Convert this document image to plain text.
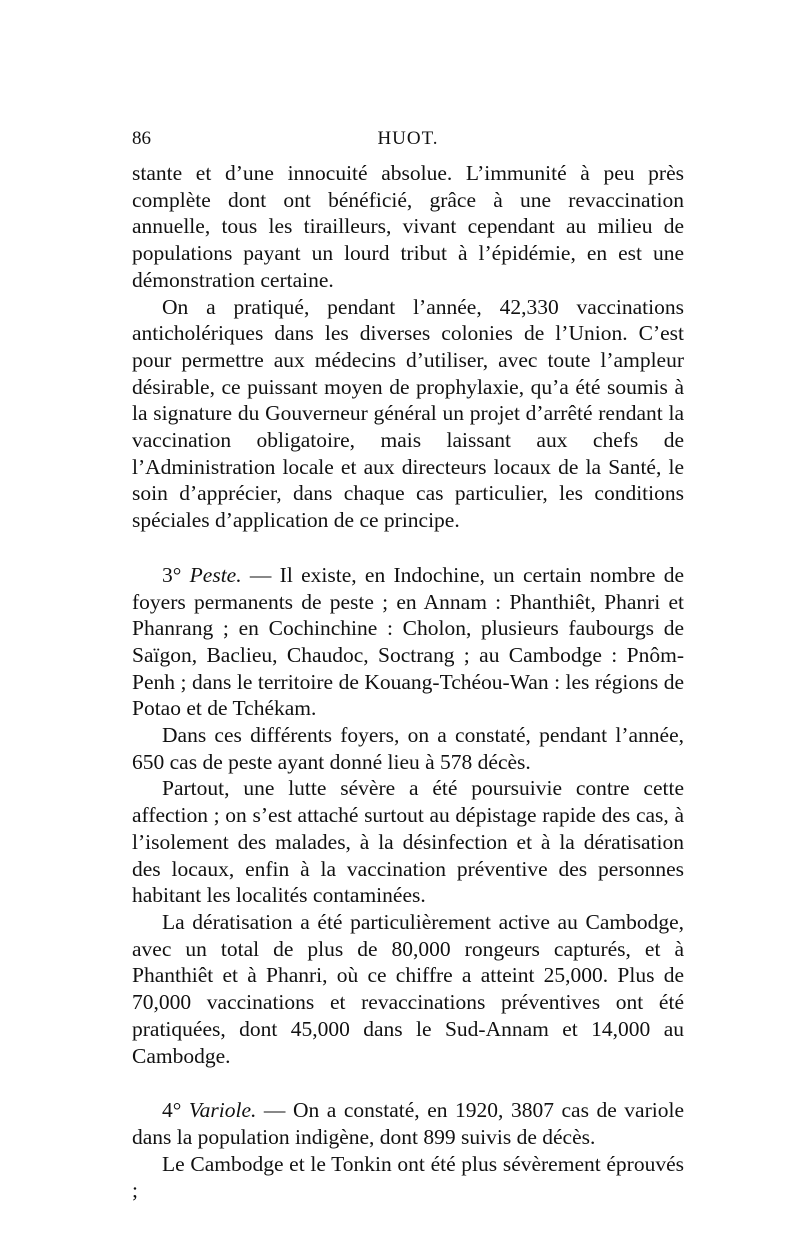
86	HUOT.

stante et d’une innocuité absolue. L’immunité à peu près complète dont ont bénéficié, grâce à une revaccination annuelle, tous les tirailleurs, vivant cependant au milieu de populations payant un lourd tribut à l’épidémie, en est une démonstration certaine.

On a pratiqué, pendant l’année, 42,330 vaccinations anticholériques dans les diverses colonies de l’Union. C’est pour permettre aux médecins d’utiliser, avec toute l’ampleur désirable, ce puissant moyen de prophylaxie, qu’a été soumis à la signature du Gouverneur général un projet d’arrêté rendant la vaccination obligatoire, mais laissant aux chefs de l’Administration locale et aux directeurs locaux de la Santé, le soin d’apprécier, dans chaque cas particulier, les conditions spéciales d’application de ce principe.

3° Peste. — Il existe, en Indochine, un certain nombre de foyers permanents de peste ; en Annam : Phanthiêt, Phanri et Phanrang ; en Cochinchine : Cholon, plusieurs faubourgs de Saïgon, Baclieu, Chaudoc, Soctrang ; au Cambodge : Pnôm-Penh ; dans le territoire de Kouang-Tchéou-Wan : les régions de Potao et de Tchékam.

Dans ces différents foyers, on a constaté, pendant l’année, 650 cas de peste ayant donné lieu à 578 décès.

Partout, une lutte sévère a été poursuivie contre cette affection ; on s’est attaché surtout au dépistage rapide des cas, à l’isolement des malades, à la désinfection et à la dératisation des locaux, enfin à la vaccination préventive des personnes habitant les localités contaminées.

La dératisation a été particulièrement active au Cambodge, avec un total de plus de 80,000 rongeurs capturés, et à Phanthiêt et à Phanri, où ce chiffre a atteint 25,000. Plus de 70,000 vaccinations et revaccinations préventives ont été pratiquées, dont 45,000 dans le Sud-Annam et 14,000 au Cambodge.

4° Variole. — On a constaté, en 1920, 3807 cas de variole dans la population indigène, dont 899 suivis de décès.

Le Cambodge et le Tonkin ont été plus sévèrement éprouvés ;
